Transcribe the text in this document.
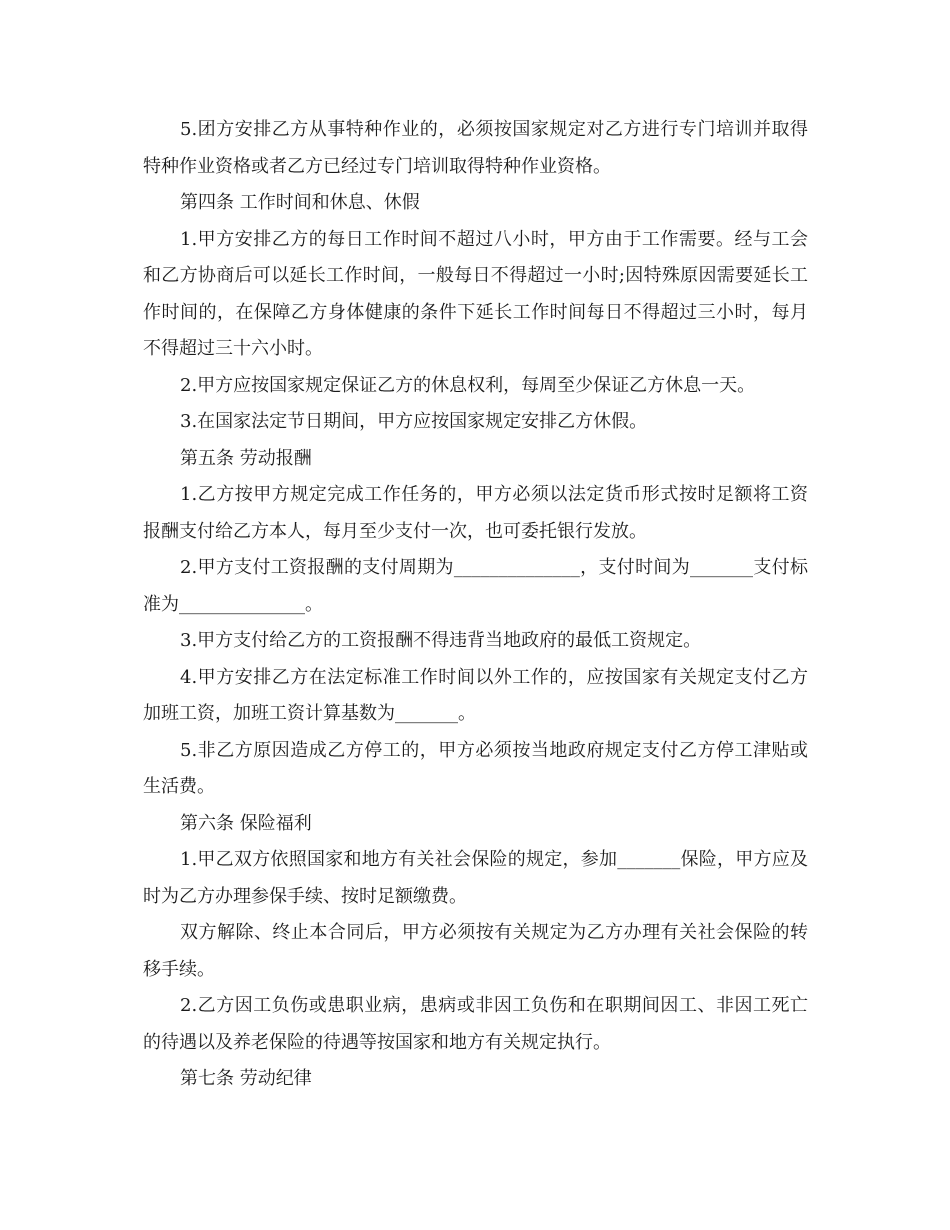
5.团方安排乙方从事特种作业的，必须按国家规定对乙方进行专门培训并取得特种作业资格或者乙方已经过专门培训取得特种作业资格。

第四条 工作时间和休息、休假

1.甲方安排乙方的每日工作时间不超过八小时，甲方由于工作需要。经与工会和乙方协商后可以延长工作时间，一般每日不得超过一小时;因特殊原因需要延长工作时间的，在保障乙方身体健康的条件下延长工作时间每日不得超过三小时，每月不得超过三十六小时。

2.甲方应按国家规定保证乙方的休息权利，每周至少保证乙方休息一天。

3.在国家法定节日期间，甲方应按国家规定安排乙方休假。

第五条 劳动报酬

1.乙方按甲方规定完成工作任务的，甲方必须以法定货币形式按时足额将工资报酬支付给乙方本人，每月至少支付一次，也可委托银行发放。

2.甲方支付工资报酬的支付周期为______________，支付时间为_______支付标准为______________。

3.甲方支付给乙方的工资报酬不得违背当地政府的最低工资规定。

4.甲方安排乙方在法定标准工作时间以外工作的，应按国家有关规定支付乙方加班工资，加班工资计算基数为_______。

5.非乙方原因造成乙方停工的，甲方必须按当地政府规定支付乙方停工津贴或生活费。

第六条 保险福利

1.甲乙双方依照国家和地方有关社会保险的规定，参加_______保险，甲方应及时为乙方办理参保手续、按时足额缴费。

双方解除、终止本合同后，甲方必须按有关规定为乙方办理有关社会保险的转移手续。

2.乙方因工负伤或患职业病，患病或非因工负伤和在职期间因工、非因工死亡的待遇以及养老保险的待遇等按国家和地方有关规定执行。

第七条 劳动纪律
